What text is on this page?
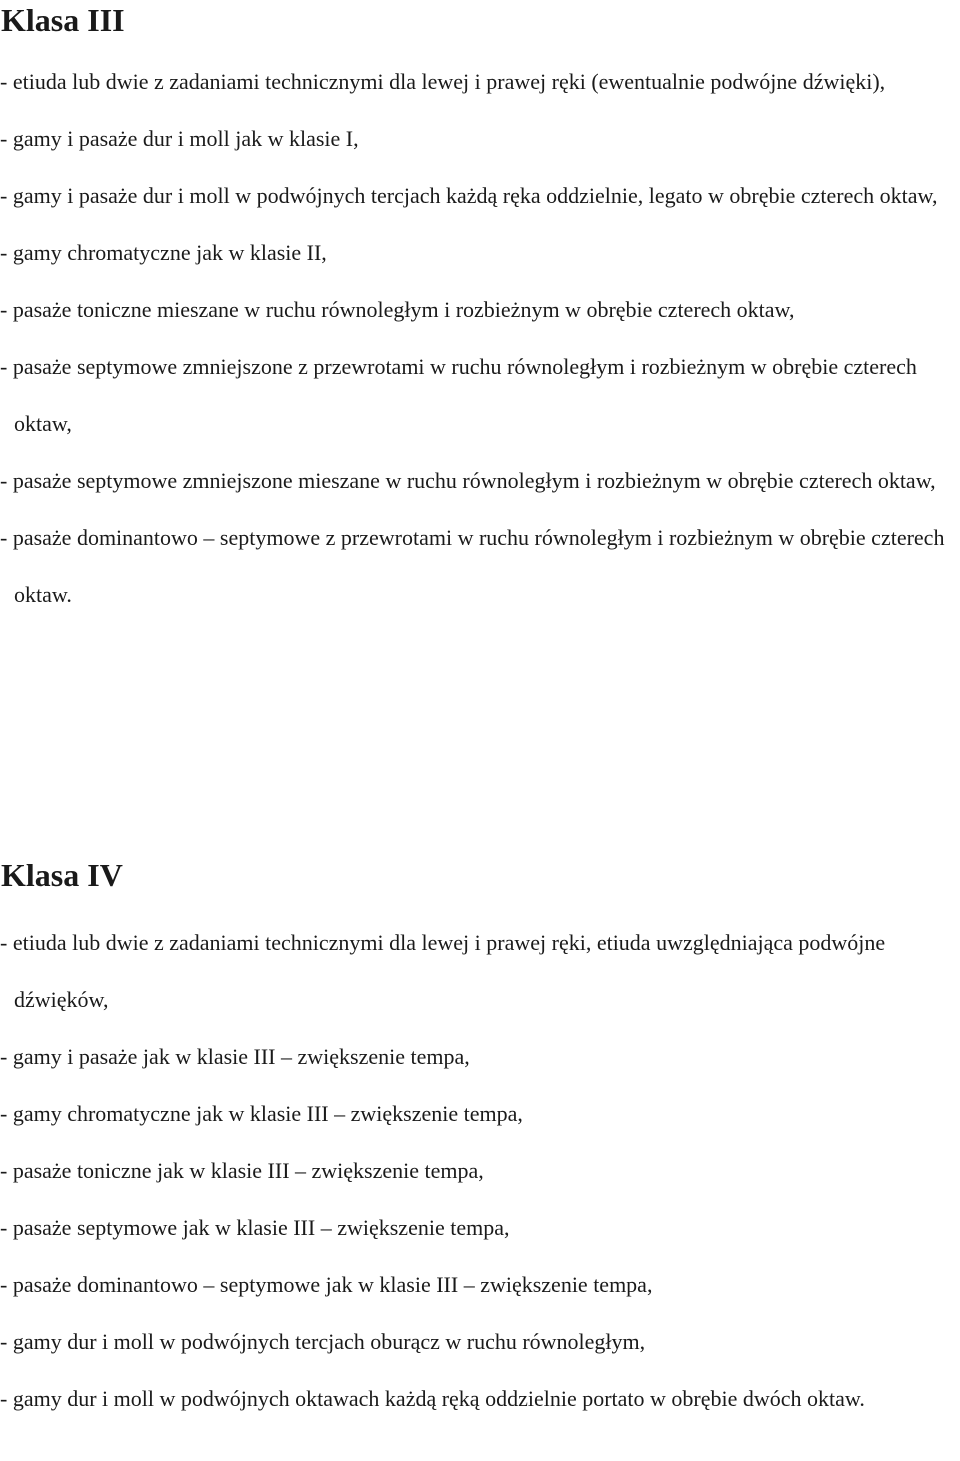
Klasa III
- etiuda lub dwie z zadaniami technicznymi dla lewej i prawej ręki (ewentualnie podwójne dźwięki),
- gamy i pasaże dur i moll jak w klasie I,
- gamy i pasaże dur i moll w podwójnych tercjach każdą ręka oddzielnie, legato w obrębie czterech oktaw,
- gamy chromatyczne jak w klasie II,
- pasaże toniczne mieszane w ruchu równoległym i rozbieżnym w obrębie czterech oktaw,
- pasaże septymowe zmniejszone z przewrotami w ruchu równoległym i rozbieżnym w obrębie czterech oktaw,
- pasaże septymowe zmniejszone mieszane w ruchu równoległym i rozbieżnym w obrębie czterech oktaw,
- pasaże dominantowo – septymowe z przewrotami w ruchu równoległym i rozbieżnym w obrębie czterech oktaw.
Klasa IV
- etiuda lub dwie z zadaniami technicznymi dla lewej i prawej ręki, etiuda uwzględniająca podwójne dźwięków,
- gamy i pasaże jak w klasie III – zwiększenie tempa,
- gamy chromatyczne jak w klasie III – zwiększenie tempa,
- pasaże toniczne jak w klasie III – zwiększenie tempa,
- pasaże septymowe jak w klasie III – zwiększenie tempa,
- pasaże dominantowo – septymowe jak w klasie III – zwiększenie tempa,
- gamy dur i moll w podwójnych tercjach oburącz w ruchu równoległym,
- gamy dur i moll w podwójnych oktawach każdą ręką oddzielnie portato w obrębie dwóch oktaw.
